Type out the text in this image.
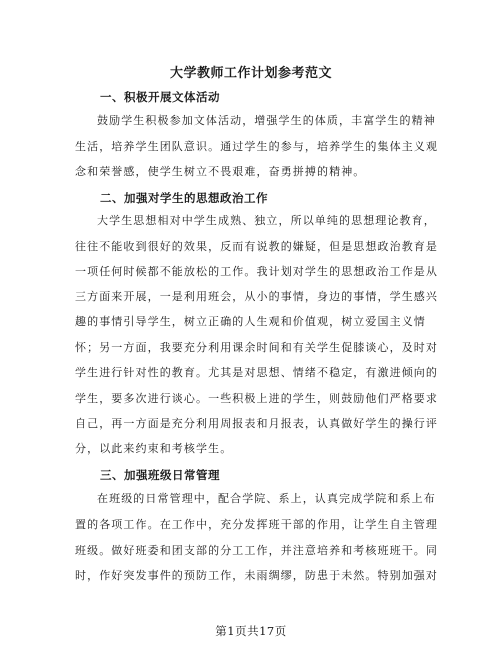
大学教师工作计划参考范文
一、积极开展文体活动
鼓励学生积极参加文体活动，增强学生的体质，丰富学生的精神
生活，培养学生团队意识。通过学生的参与，培养学生的集体主义观
念和荣誉感，使学生树立不畏艰难，奋勇拼搏的精神。
二、加强对学生的思想政治工作
大学生思想相对中学生成熟、独立，所以单纯的思想理论教育，
往往不能收到很好的效果，反而有说教的嫌疑，但是思想政治教育是
一项任何时候都不能放松的工作。我计划对学生的思想政治工作是从
三方面来开展，一是利用班会，从小的事情，身边的事情，学生感兴
趣的事情引导学生，树立正确的人生观和价值观，树立爱国主义情
怀；另一方面，我要充分利用课余时间和有关学生促膝谈心，及时对
学生进行针对性的教育。尤其是对思想、情绪不稳定，有激进倾向的
学生，要多次进行谈心。一些积极上进的学生，则鼓励他们严格要求
自己，再一方面是充分利用周报表和月报表，认真做好学生的操行评
分，以此来约束和考核学生。
三、加强班级日常管理
在班级的日常管理中，配合学院、系上，认真完成学院和系上布
置的各项工作。在工作中，充分发挥班干部的作用，让学生自主管理
班级。做好班委和团支部的分工工作，并注意培养和考核班班干。同
时，作好突发事件的预防工作，未雨绸缪，防患于未然。特别加强对
第1页共17页
